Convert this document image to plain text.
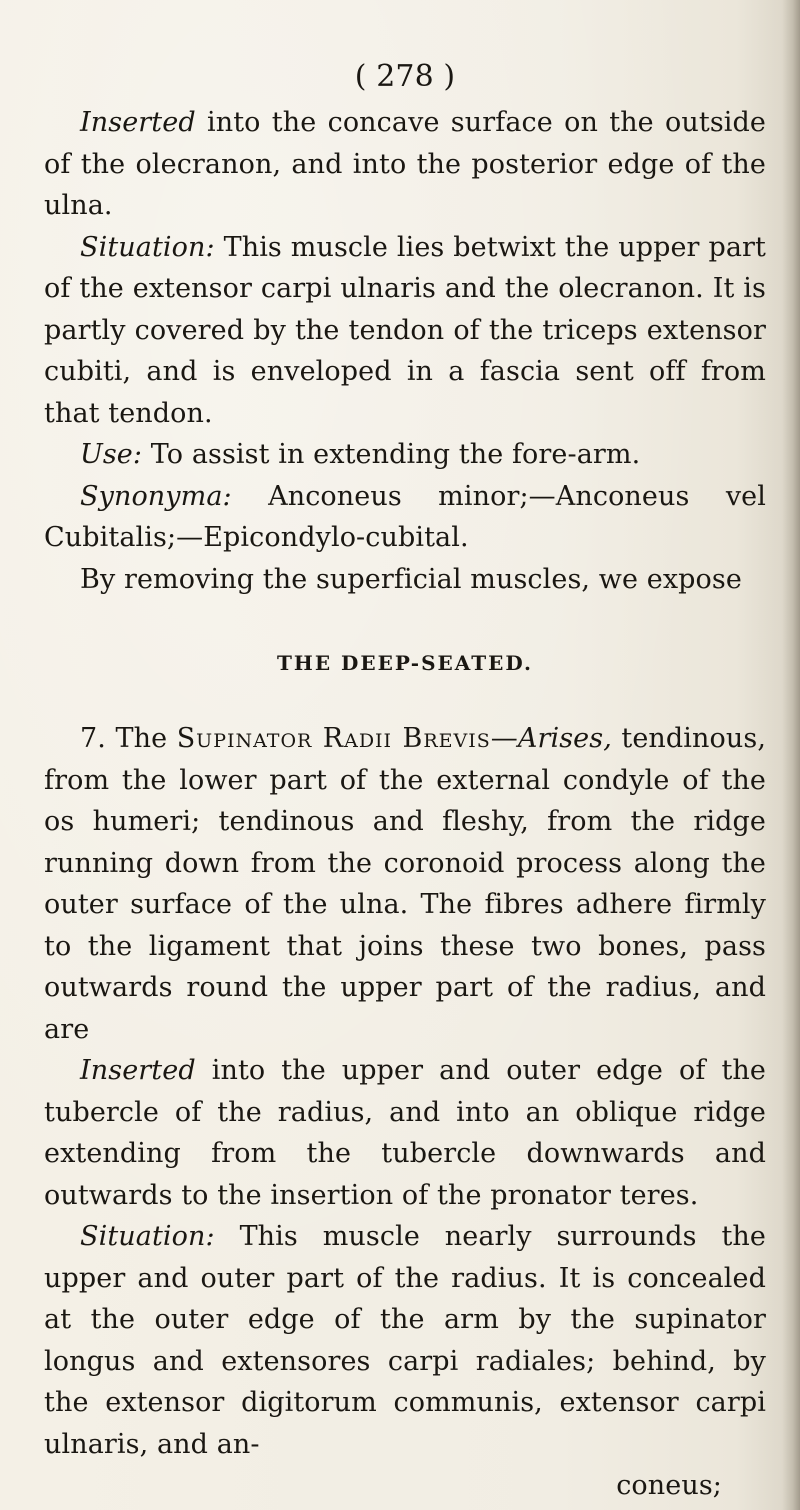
( 278 )

Inserted into the concave surface on the outside of the olecranon, and into the posterior edge of the ulna.

Situation: This muscle lies betwixt the upper part of the extensor carpi ulnaris and the olecranon. It is partly covered by the tendon of the triceps extensor cubiti, and is enveloped in a fascia sent off from that tendon.

Use: To assist in extending the fore-arm.

Synonyma: Anconeus minor;—Anconeus vel Cubitalis;—Epicondylo-cubital.

By removing the superficial muscles, we expose

THE DEEP-SEATED.

7. The Supinator Radii Brevis—Arises, tendinous, from the lower part of the external condyle of the os humeri; tendinous and fleshy, from the ridge running down from the coronoid process along the outer surface of the ulna. The fibres adhere firmly to the ligament that joins these two bones, pass outwards round the upper part of the radius, and are

Inserted into the upper and outer edge of the tubercle of the radius, and into an oblique ridge extending from the tubercle downwards and outwards to the insertion of the pronator teres.

Situation: This muscle nearly surrounds the upper and outer part of the radius. It is concealed at the outer edge of the arm by the supinator longus and extensores carpi radiales; behind, by the extensor digitorum communis, extensor carpi ulnaris, and an-

coneus;
